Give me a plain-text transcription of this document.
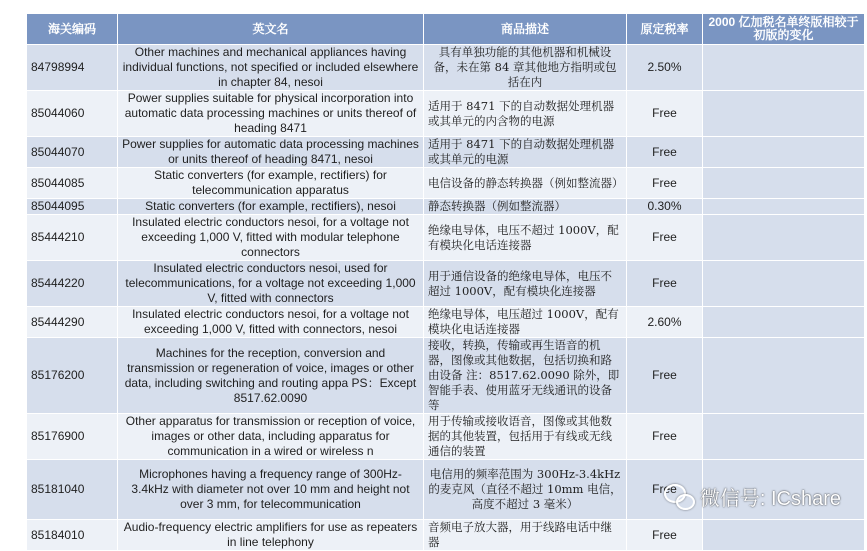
海关编码	英文名	商品描述	原定税率	2000 亿加税名单终版相较于初版的变化
84798994	Other machines and mechanical appliances having individual functions, not specified or included elsewhere in chapter 84, nesoi	具有单独功能的其他机器和机械设备，未在第 84 章其他地方指明或包括在内	2.50%	
85044060	Power supplies suitable for physical incorporation into automatic data processing machines or units thereof of heading 8471	适用于 8471 下的自动数据处理机器或其单元的内含物的电源	Free	
85044070	Power supplies for automatic data processing machines or units thereof of heading 8471, nesoi	适用于 8471 下的自动数据处理机器或其单元的电源	Free	
85044085	Static converters (for example, rectifiers) for telecommunication apparatus	电信设备的静态转换器（例如整流器）	Free	
85044095	Static converters (for example, rectifiers), nesoi	静态转换器（例如整流器）	0.30%	
85444210	Insulated electric conductors nesoi, for a voltage not exceeding 1,000 V, fitted with modular telephone connectors	绝缘电导体，电压不超过 1000V，配有模块化电话连接器	Free	
85444220	Insulated electric conductors nesoi, used for telecommunications, for a voltage not exceeding 1,000 V, fitted with connectors	用于通信设备的绝缘电导体，电压不超过 1000V，配有模块化连接器	Free	
85444290	Insulated electric conductors nesoi, for a voltage not exceeding 1,000 V, fitted with connectors, nesoi	绝缘电导体，电压超过 1000V，配有模块化电话连接器	2.60%	
85176200	Machines for the reception, conversion and transmission or regeneration of voice, images or other data, including switching and routing appa PS：Except 8517.62.0090	接收，转换，传输或再生语音的机器，图像或其他数据，包括切换和路由设备 注：8517.62.0090 除外，即智能手表、使用蓝牙无线通讯的设备等	Free	
85176900	Other apparatus for transmission or reception of voice, images or other data, including apparatus for communication in a wired or wireless n	用于传输或接收语音，图像或其他数据的其他装置，包括用于有线或无线通信的装置	Free	
85181040	Microphones having a frequency range of 300Hz-3.4kHz with diameter not over 10 mm and height not over 3 mm, for telecommunication	电信用的频率范围为 300Hz-3.4kHz 的麦克风（直径不超过 10mm 电信，高度不超过 3 毫米）	Free	
85184010	Audio-frequency electric amplifiers for use as repeaters in line telephony	音频电子放大器，用于线路电话中继器	Free	
微信号: ICshare
